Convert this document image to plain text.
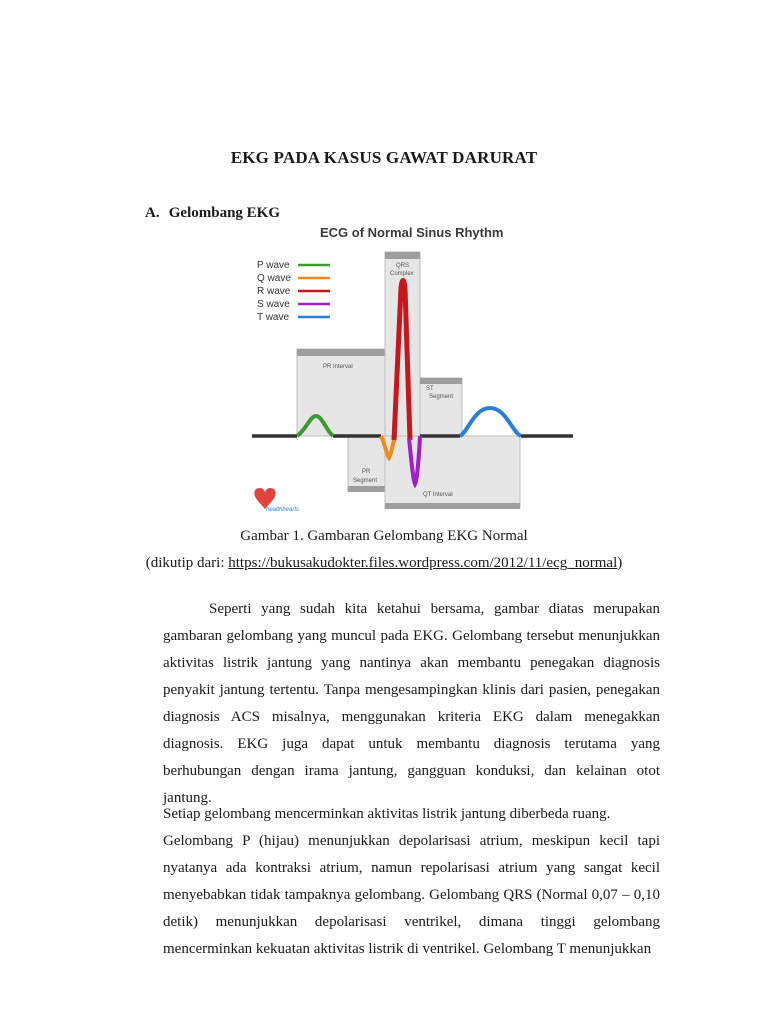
EKG PADA KASUS GAWAT DARURAT
A. Gelombang EKG
ECG of Normal Sinus Rhythm
P wave
Q wave
R wave
S wave
T wave
PR Interval
QRS
Complex
ST
Segment
PR
Segment
QT Interval
healthhearts
Gambar 1. Gambaran Gelombang EKG Normal
(dikutip dari: https://bukusakudokter.files.wordpress.com/2012/11/ecg_normal)
Seperti yang sudah kita ketahui bersama, gambar diatas merupakan gambaran gelombang yang muncul pada EKG. Gelombang tersebut menunjukkan aktivitas listrik jantung yang nantinya akan membantu penegakan diagnosis penyakit jantung tertentu. Tanpa mengesampingkan klinis dari pasien, penegakan diagnosis ACS misalnya, menggunakan kriteria EKG dalam menegakkan diagnosis. EKG juga dapat untuk membantu diagnosis terutama yang berhubungan dengan irama jantung, gangguan konduksi, dan kelainan otot jantung.
Setiap gelombang mencerminkan aktivitas listrik jantung diberbeda ruang.
Gelombang P (hijau) menunjukkan depolarisasi atrium, meskipun kecil tapi nyatanya ada kontraksi atrium, namun repolarisasi atrium yang sangat kecil menyebabkan tidak tampaknya gelombang. Gelombang QRS (Normal 0,07 – 0,10 detik) menunjukkan depolarisasi ventrikel, dimana tinggi gelombang mencerminkan kekuatan aktivitas listrik di ventrikel. Gelombang T menunjukkan
